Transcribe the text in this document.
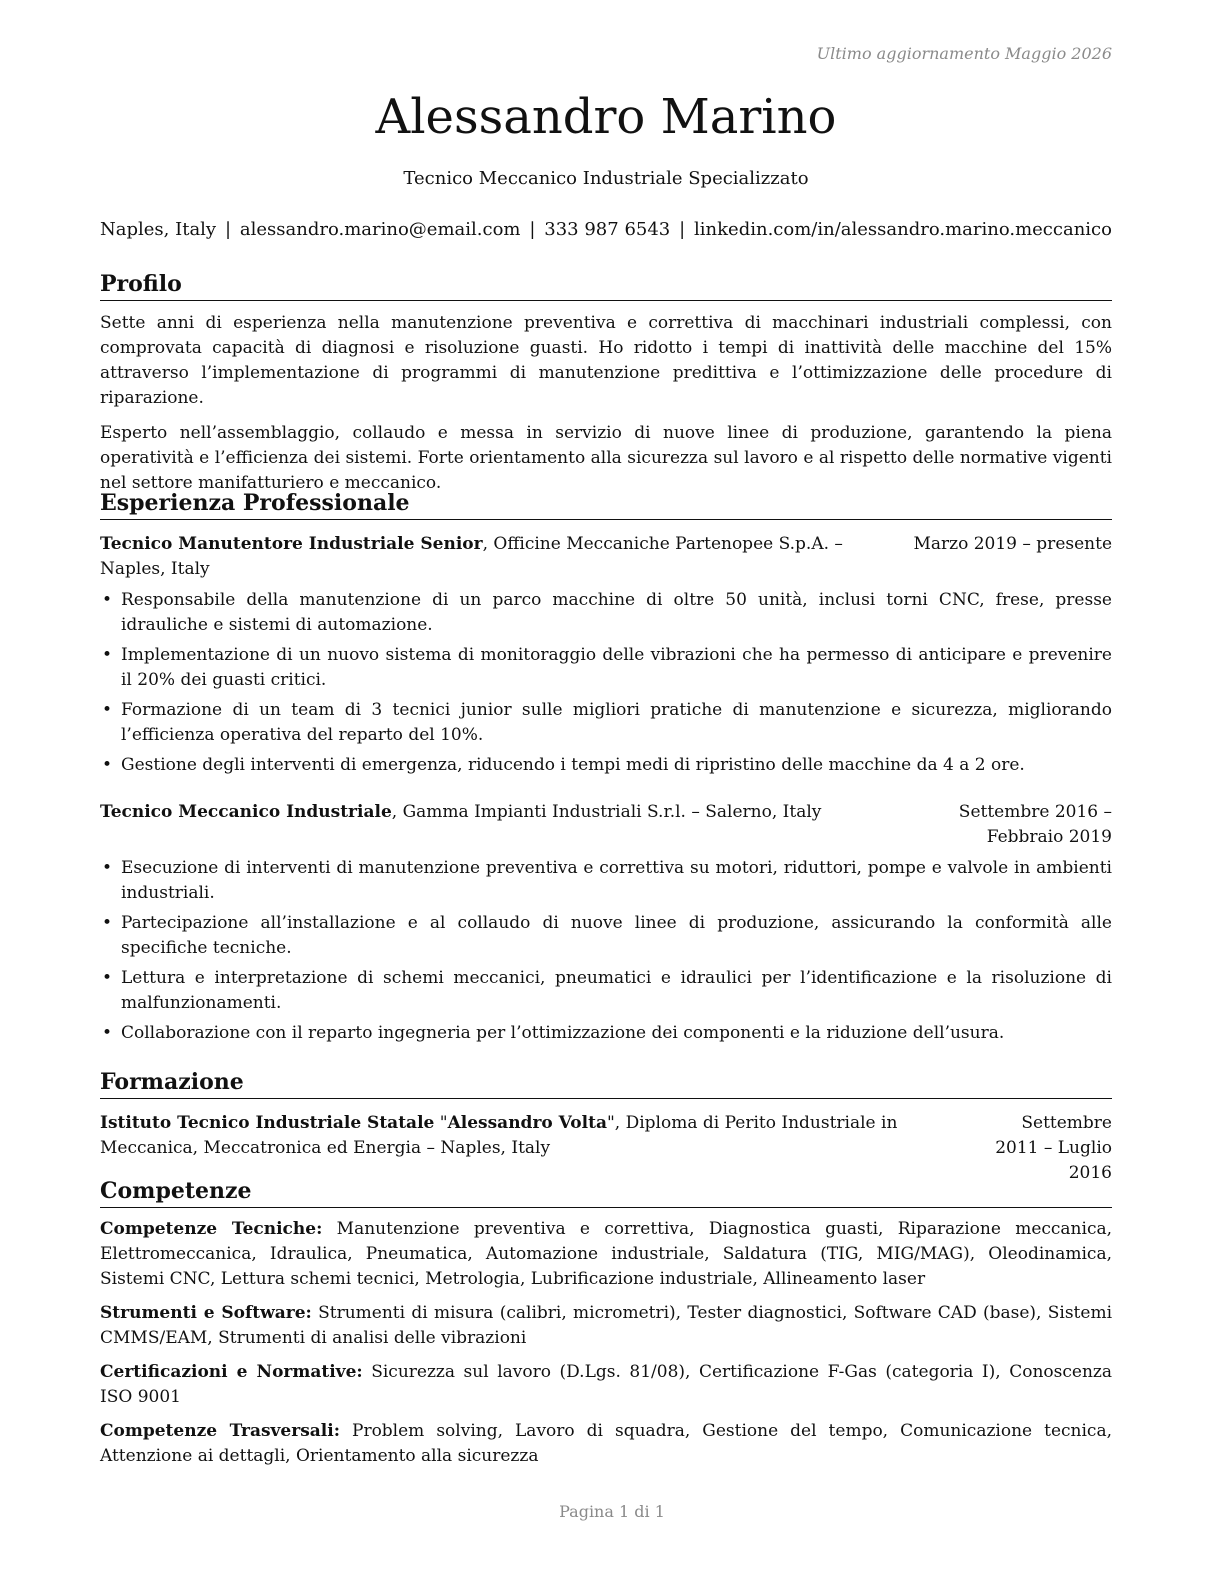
Ultimo aggiornamento Maggio 2026
Alessandro Marino
Tecnico Meccanico Industriale Specializzato
Naples, Italy | alessandro.marino@email.com | 333 987 6543 | linkedin.com/in/alessandro.marino.meccanico
Profilo

Sette anni di esperienza nella manutenzione preventiva e correttiva di macchinari industriali complessi, con comprovata capacità di diagnosi e risoluzione guasti. Ho ridotto i tempi di inattività delle macchine del 15% attraverso l’implementazione di programmi di manutenzione predittiva e l’ottimizzazione delle procedure di riparazione.

Esperto nell’assemblaggio, collaudo e messa in servizio di nuove linee di produzione, garantendo la piena operatività e l’efficienza dei sistemi. Forte orientamento alla sicurezza sul lavoro e al rispetto delle normative vigenti nel settore manifatturiero e meccanico.

Esperienza Professionale
Tecnico Manutentore Industriale Senior, Officine Meccaniche Partenopee S.p.A. – Naples, Italy
Marzo 2019 – presente
• Responsabile della manutenzione di un parco macchine di oltre 50 unità, inclusi torni CNC, frese, presse idrauliche e sistemi di automazione.
• Implementazione di un nuovo sistema di monitoraggio delle vibrazioni che ha permesso di anticipare e prevenire il 20% dei guasti critici.
• Formazione di un team di 3 tecnici junior sulle migliori pratiche di manutenzione e sicurezza, migliorando l’efficienza operativa del reparto del 10%.
• Gestione degli interventi di emergenza, riducendo i tempi medi di ripristino delle macchine da 4 a 2 ore.
Tecnico Meccanico Industriale, Gamma Impianti Industriali S.r.l. – Salerno, Italy	Settembre 2016 – Febbraio 2019
• Esecuzione di interventi di manutenzione preventiva e correttiva su motori, riduttori, pompe e valvole in ambienti industriali.
• Partecipazione all’installazione e al collaudo di nuove linee di produzione, assicurando la conformità alle specifiche tecniche.
• Lettura e interpretazione di schemi meccanici, pneumatici e idraulici per l’identificazione e la risoluzione di malfunzionamenti.
• Collaborazione con il reparto ingegneria per l’ottimizzazione dei componenti e la riduzione dell’usura.
Formazione
Istituto Tecnico Industriale Statale "Alessandro Volta", Diploma di Perito Industriale in Meccanica, Meccatronica ed Energia – Naples, Italy
Settembre 2011 – Luglio 2016
Competenze
Competenze Tecniche: Manutenzione preventiva e correttiva, Diagnostica guasti, Riparazione meccanica, Elettromeccanica, Idraulica, Pneumatica, Automazione industriale, Saldatura (TIG, MIG/MAG), Oleodinamica, Sistemi CNC, Lettura schemi tecnici, Metrologia, Lubrificazione industriale, Allineamento laser
Strumenti e Software: Strumenti di misura (calibri, micrometri), Tester diagnostici, Software CAD (base), Sistemi CMMS/EAM, Strumenti di analisi delle vibrazioni
Certificazioni e Normative: Sicurezza sul lavoro (D.Lgs. 81/08), Certificazione F-Gas (categoria I), Conoscenza ISO 9001
Competenze Trasversali: Problem solving, Lavoro di squadra, Gestione del tempo, Comunicazione tecnica, Attenzione ai dettagli, Orientamento alla sicurezza
Pagina 1 di 1
